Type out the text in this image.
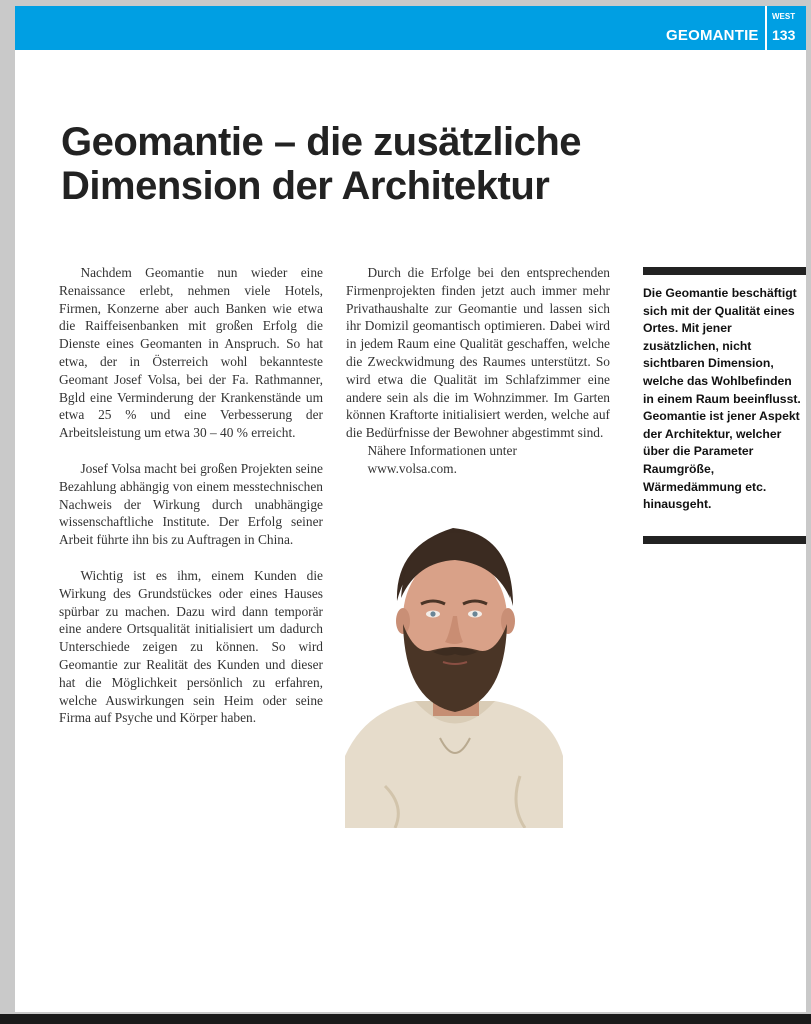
GEOMANTIE
WEST
133
Geomantie – die zusätzliche
Dimension der Architektur

Nachdem Geomantie nun wieder eine Renaissance erlebt, nehmen viele Hotels, Firmen, Konzerne aber auch Banken wie etwa die Raiffeisenbanken mit großen Erfolg die Dienste eines Geomanten in Anspruch. So hat etwa, der in Österreich wohl bekannteste Geomant Josef Volsa, bei der Fa. Rathmanner, Bgld eine Verminderung der Krankenstände um etwa 25 % und eine Verbesserung der Arbeitsleistung um etwa 30 – 40 % erreicht.

Josef Volsa macht bei großen Projekten seine Bezahlung abhängig von einem messtechnischen Nachweis der Wirkung durch unabhängige wissenschaftliche Institute. Der Erfolg seiner Arbeit führte ihn bis zu Auftragen in China.

Wichtig ist es ihm, einem Kunden die Wirkung des Grundstückes oder eines Hauses spürbar zu machen. Dazu wird dann temporär eine andere Ortsqualität initialisiert um dadurch Unterschiede zeigen zu können. So wird Geomantie zur Realität des Kunden und dieser hat die Möglichkeit persönlich zu erfahren, welche Auswirkungen sein Heim oder seine Firma auf Psyche und Körper haben.

Durch die Erfolge bei den entsprechenden Firmenprojekten finden jetzt auch immer mehr Privathaushalte zur Geomantie und lassen sich ihr Domizil geomantisch optimieren. Dabei wird in jedem Raum eine Qualität geschaffen, welche die Zweckwidmung des Raumes unterstützt. So wird etwa die Qualität im Schlafzimmer eine andere sein als die im Wohnzimmer. Im Garten können Kraftorte initialisiert werden, welche auf die Bedürfnisse der Bewohner abgestimmt sind.

Nähere Informationen unter

www.volsa.com.

Die Geomantie beschäftigt sich mit der Qualität eines Ortes. Mit jener zusätzlichen, nicht sichtbaren Dimension, welche das Wohlbefinden in einem Raum beeinflusst. Geomantie ist jener Aspekt der Architektur, welcher über die Parameter Raumgröße, Wärmedämmung etc. hinausgeht.
